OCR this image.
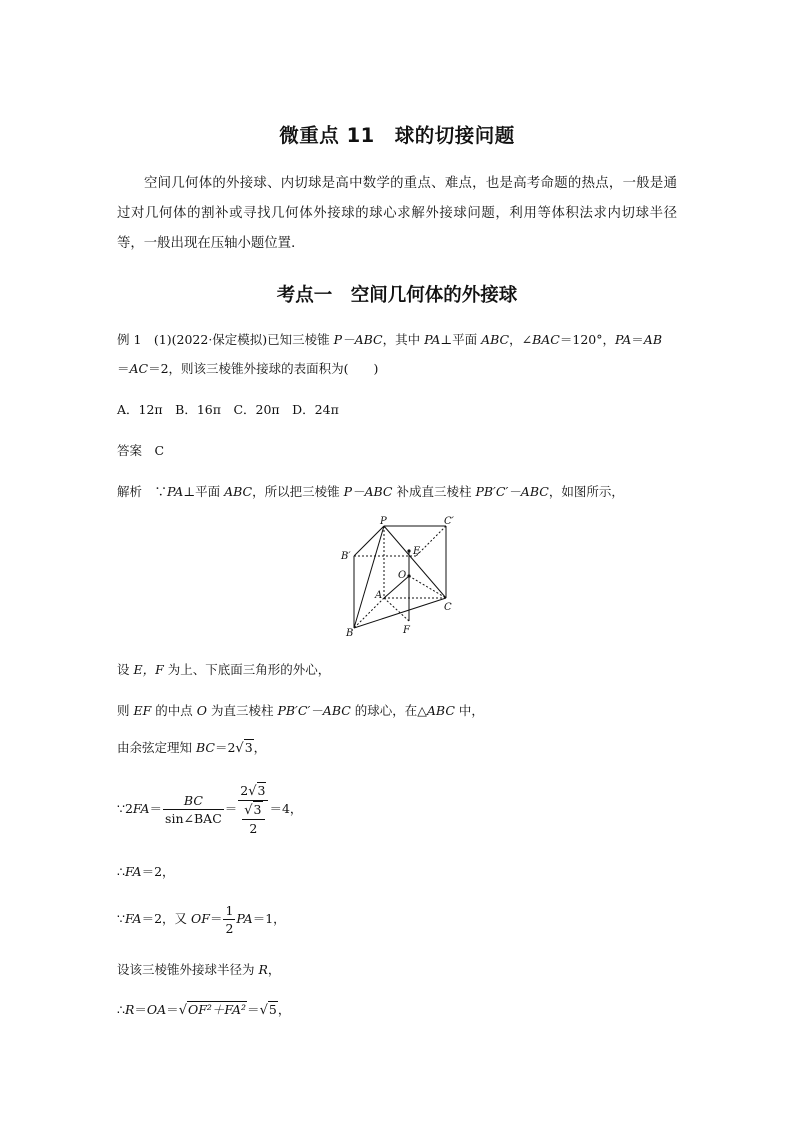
微重点 11　球的切接问题
空间几何体的外接球、内切球是高中数学的重点、难点，也是高考命题的热点，一般是通过对几何体的割补或寻找几何体外接球的球心求解外接球问题，利用等体积法求内切球半径等，一般出现在压轴小题位置．
考点一　空间几何体的外接球
例 1　(1)(2022·保定模拟)已知三棱锥 P－ABC，其中 PA⊥平面 ABC，∠BAC＝120°，PA＝AB
＝AC＝2，则该三棱锥外接球的表面积为(　　)
A．12π　B．16π　C．20π　D．24π
答案　 C
解析　 ∵PA⊥平面 ABC，所以把三棱锥 P－ABC 补成直三棱柱 PB′C′－ABC，如图所示，
P	C′
B′	E
O
A
C
B	F
设 E，F 为上、下底面三角形的外心，
则 EF 的中点 O 为直三棱柱 PB′C′－ABC 的球心，在△ABC 中，
由余弦定理知 BC＝2√3，
∵2FA＝ $\frac{BC}{\text{sin∠BAC}} = \frac{2√3}{\frac{√3}{2}} =4$，
∴FA＝2，
∵FA＝2，又 $OF= \frac{1}{2} PA=1$，
设该三棱锥外接球半径为 R，
∴R＝OA＝√OF²＋FA²＝√5，
